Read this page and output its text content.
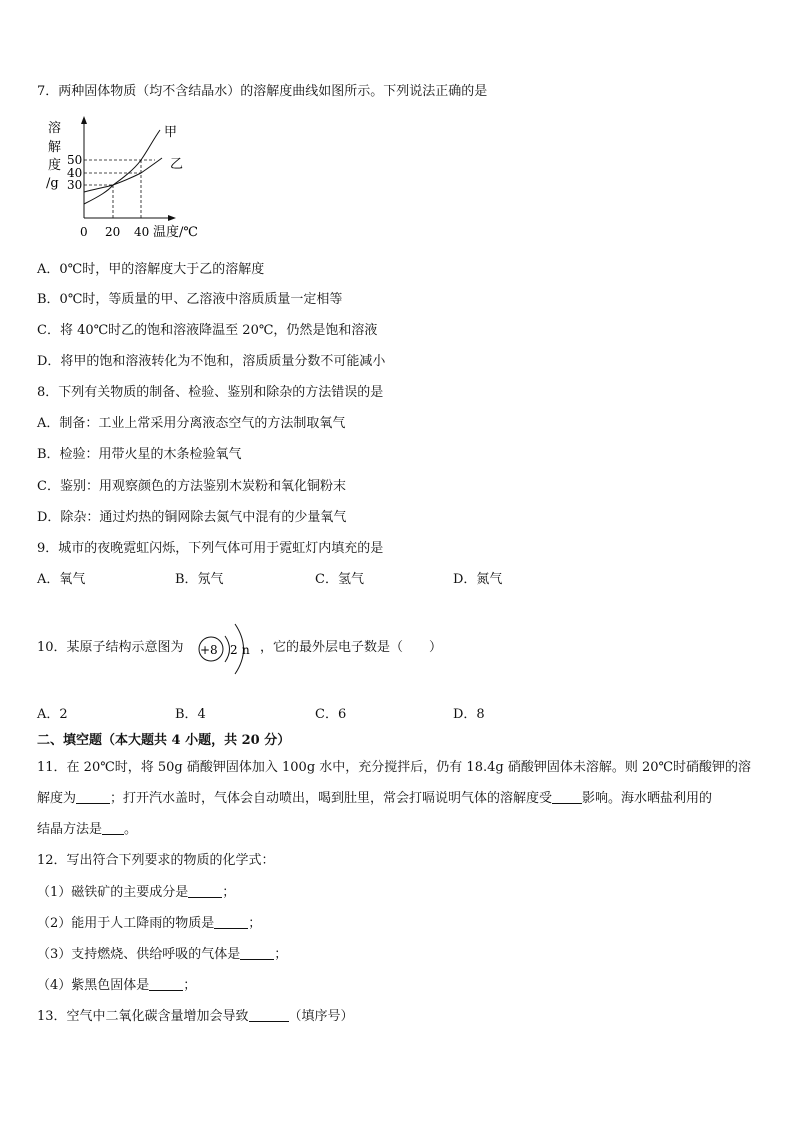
7．两种固体物质（均不含结晶水）的溶解度曲线如图所示。下列说法正确的是
溶
解
度
/g
甲
乙
50
40
30
0 20 40 温度/℃
A．0℃时，甲的溶解度大于乙的溶解度
B．0℃时，等质量的甲、乙溶液中溶质质量一定相等
C．将 40℃时乙的饱和溶液降温至 20℃，仍然是饱和溶液
D．将甲的饱和溶液转化为不饱和，溶质质量分数不可能减小
8．下列有关物质的制备、检验、鉴别和除杂的方法错误的是
A．制备：工业上常采用分离液态空气的方法制取氧气
B．检验：用带火星的木条检验氧气
C．鉴别：用观察颜色的方法鉴别木炭粉和氧化铜粉末
D．除杂：通过灼热的铜网除去氮气中混有的少量氧气
9．城市的夜晚霓虹闪烁，下列气体可用于霓虹灯内填充的是
A．氧气	B．氖气	C．氢气	D．氮气
10．某原子结构示意图为 +8 2 n ，它的最外层电子数是（　　）
A．2	B．4	C．6	D．8
二、填空题（本大题共 4 小题，共 20 分）
11．在 20℃时，将 50g 硝酸钾固体加入 100g 水中，充分搅拌后，仍有 18.4g 硝酸钾固体未溶解。则 20℃时硝酸钾的溶
解度为	；打开汽水盖时，气体会自动喷出，喝到肚里，常会打嗝说明气体的溶解度受 影响。海水晒盐利用的
结晶方法是 。
12．写出符合下列要求的物质的化学式：
（1）磁铁矿的主要成分是	；
（2）能用于人工降雨的物质是	；
（3）支持燃烧、供给呼吸的气体是	；
（4）紫黑色固体是	；
13．空气中二氧化碳含量增加会导致	（填序号）
